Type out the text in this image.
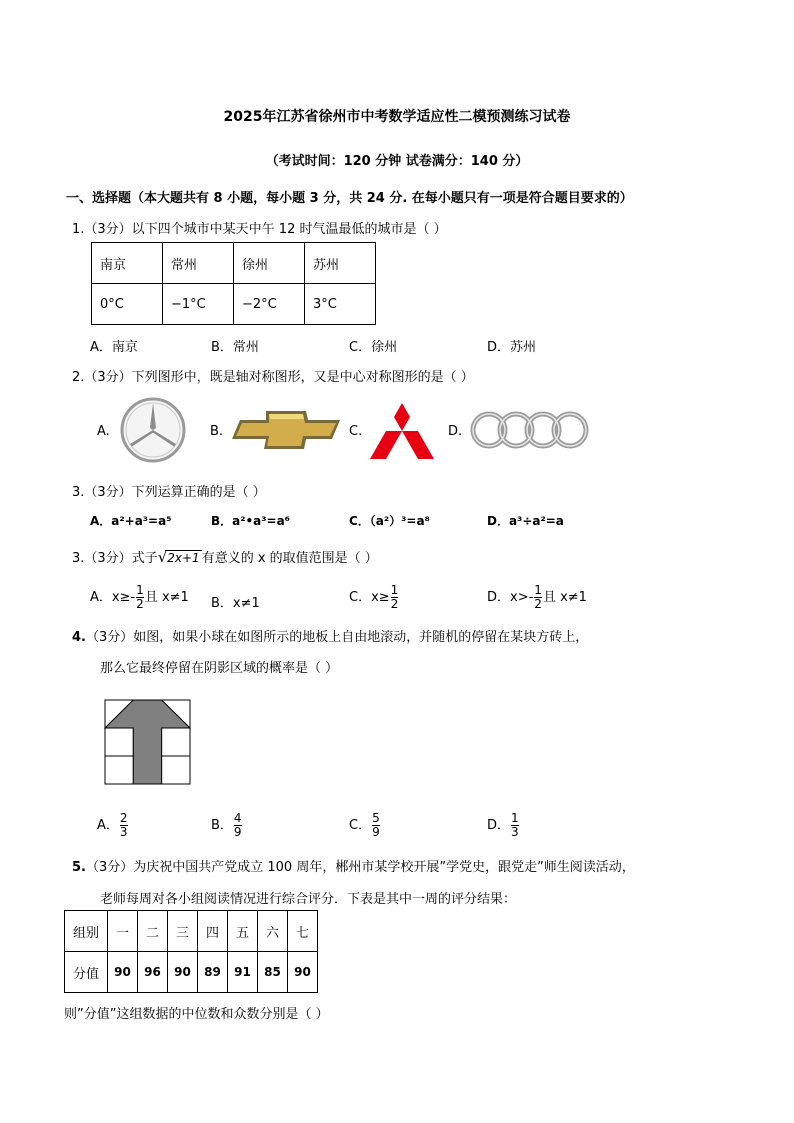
2025年江苏省徐州市中考数学适应性二模预测练习试卷
（考试时间：120 分钟 试卷满分：140 分）
一、选择题（本大题共有 8 小题，每小题 3 分，共 24 分. 在每小题只有一项是符合题目要求的）
1.（3分）以下四个城市中某天中午 12 时气温最低的城市是（ ）
南京	常州	徐州	苏州
0°C	−1°C	−2°C	3°C
A．南京	B．常州	C．徐州	D．苏州
2.（3分）下列图形中，既是轴对称图形，又是中心对称图形的是（ ）
A.	B.	C.	D.
3.（3分）下列运算正确的是（ ）
A．a²+a³=a⁵	B．a²•a³=a⁶	C．（a²）³=a⁸	D．a³÷a²=a
3.（3分）式子√2x+1 有意义的 x 的取值范围是（ ）
A．$x\ge- \frac{1}{2}$ 且 x≠1 B．x≠1	C．$x\ge \frac{1}{2}$	D．$x>- \frac{1}{2}$ 且 x≠1
4.（3分）如图，如果小球在如图所示的地板上自由地滚动，并随机的停留在某块方砖上，
那么它最终停留在阴影区域的概率是（ ）
A． $\frac{2}{3}$	B． $\frac{4}{9}$	C． $\frac{5}{9}$	D． $\frac{1}{3}$
5.（3分）为庆祝中国共产党成立 100 周年，郴州市某学校开展”学党史，跟党走”师生阅读活动，
老师每周对各小组阅读情况进行综合评分．下表是其中一周的评分结果：
组别	一	二	三	四	五	六	七
分值	90	96	90	89	91	85	90
则”分值”这组数据的中位数和众数分别是（ ）
